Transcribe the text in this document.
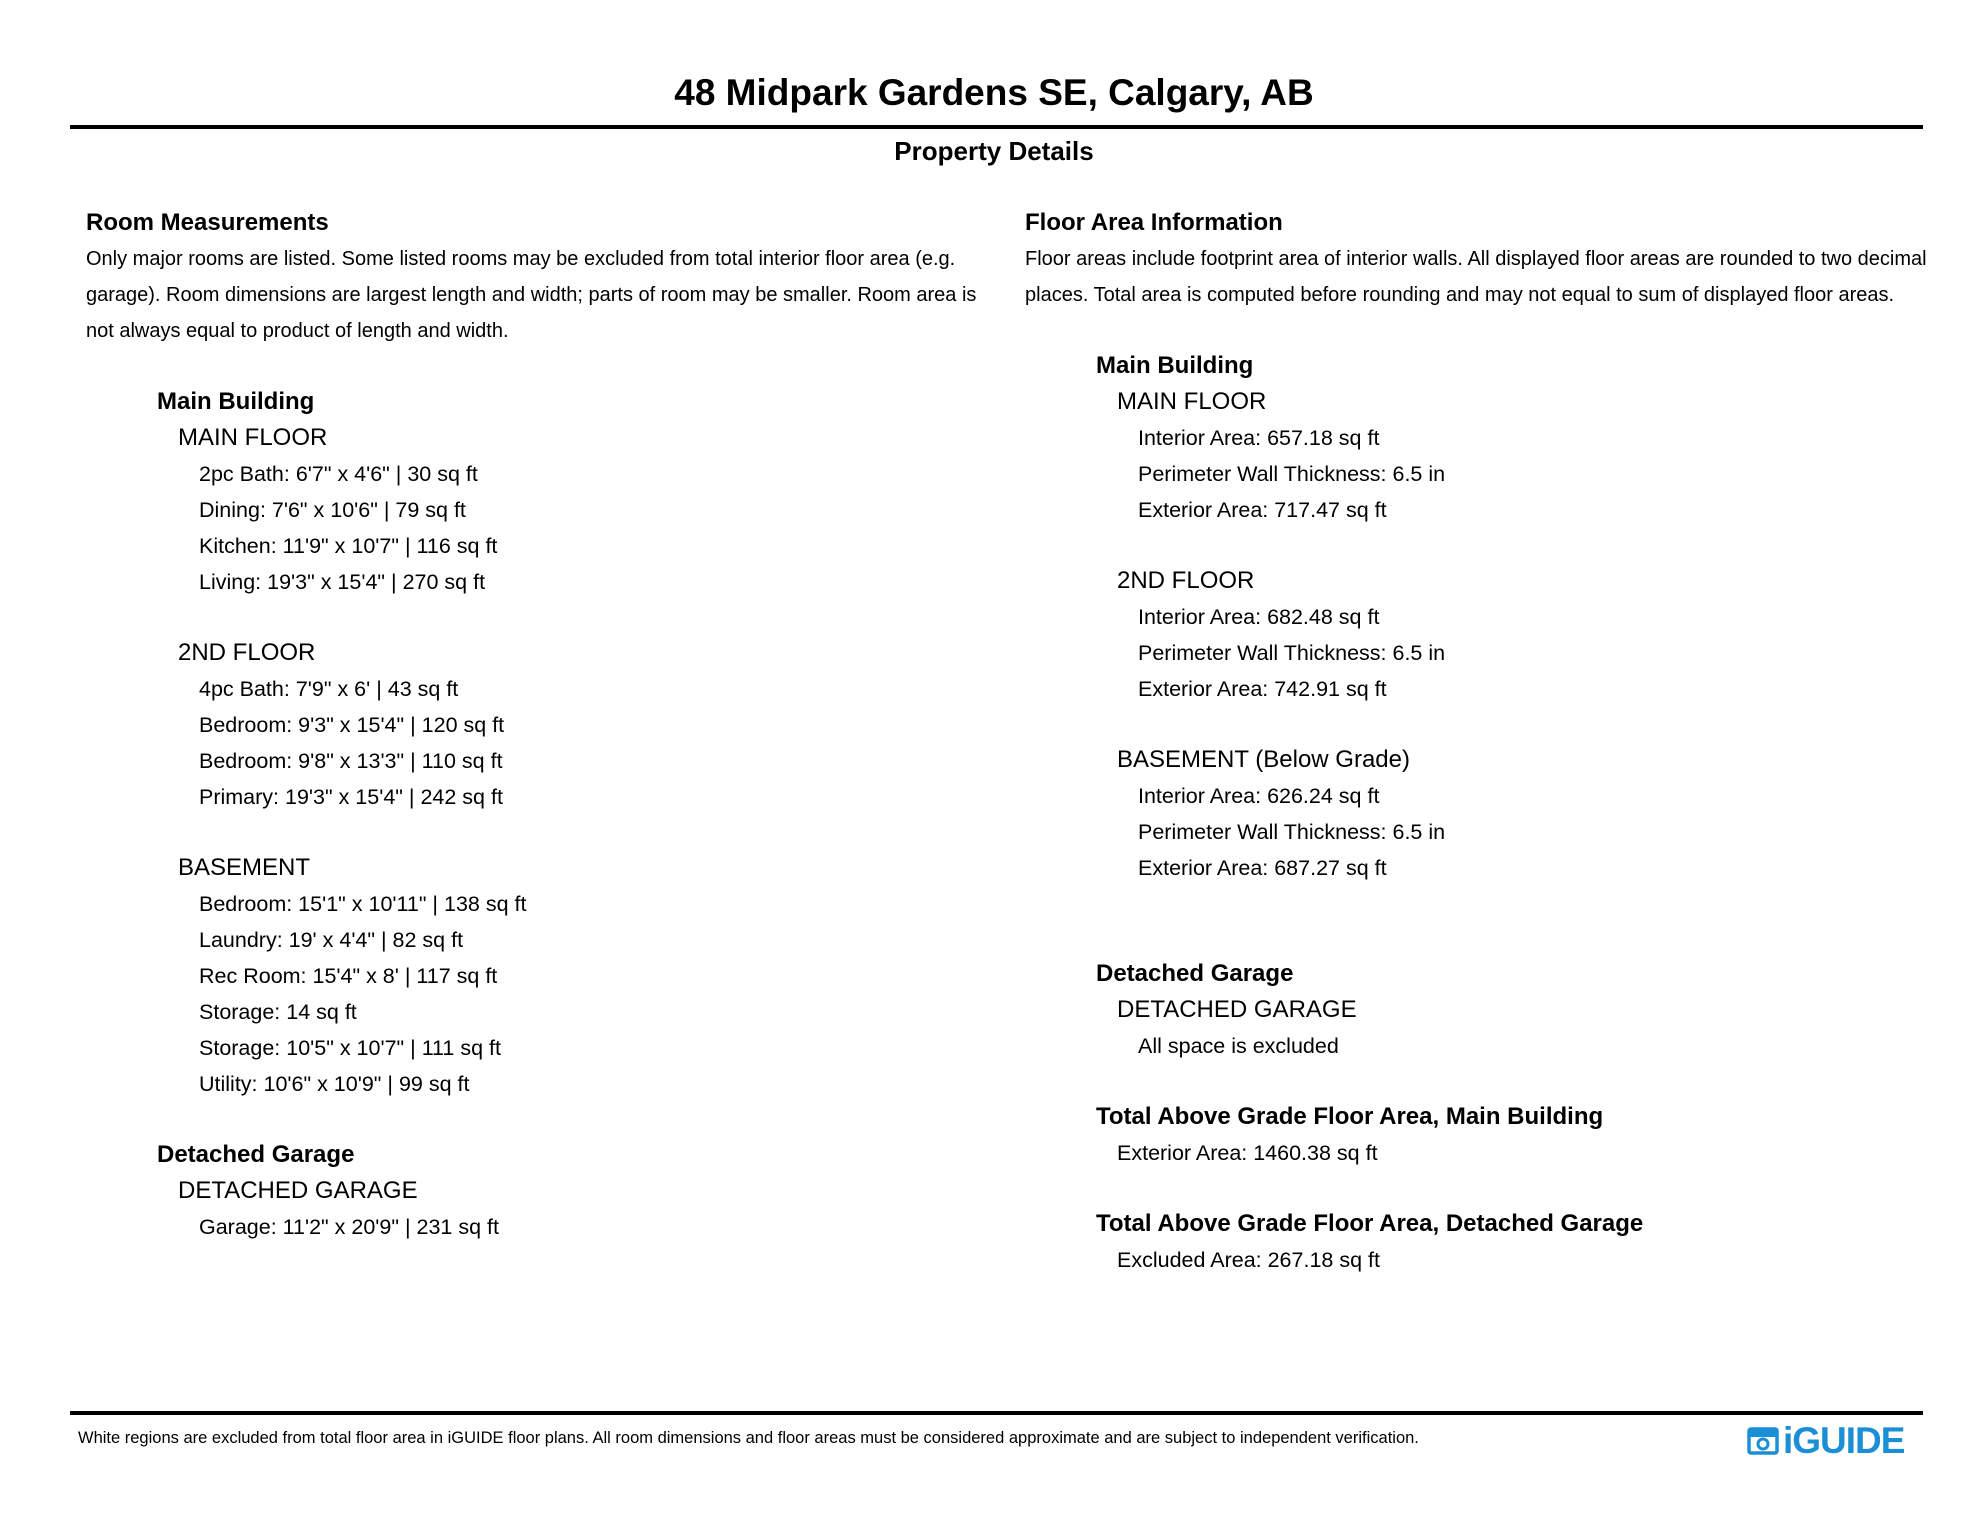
48 Midpark Gardens SE, Calgary, AB
Property Details
Room Measurements
Only major rooms are listed. Some listed rooms may be excluded from total interior floor area (e.g. garage). Room dimensions are largest length and width; parts of room may be smaller. Room area is not always equal to product of length and width.
Main Building
MAIN FLOOR
2pc Bath: 6'7" x 4'6" | 30 sq ft
Dining: 7'6" x 10'6" | 79 sq ft
Kitchen: 11'9" x 10'7" | 116 sq ft
Living: 19'3" x 15'4" | 270 sq ft
2ND FLOOR
4pc Bath: 7'9" x 6' | 43 sq ft
Bedroom: 9'3" x 15'4" | 120 sq ft
Bedroom: 9'8" x 13'3" | 110 sq ft
Primary: 19'3" x 15'4" | 242 sq ft
BASEMENT
Bedroom: 15'1" x 10'11" | 138 sq ft
Laundry: 19' x 4'4" | 82 sq ft
Rec Room: 15'4" x 8' | 117 sq ft
Storage: 14 sq ft
Storage: 10'5" x 10'7" | 111 sq ft
Utility: 10'6" x 10'9" | 99 sq ft
Detached Garage
DETACHED GARAGE
Garage: 11'2" x 20'9" | 231 sq ft
Floor Area Information
Floor areas include footprint area of interior walls. All displayed floor areas are rounded to two decimal places. Total area is computed before rounding and may not equal to sum of displayed floor areas.
Main Building
MAIN FLOOR
Interior Area: 657.18 sq ft
Perimeter Wall Thickness: 6.5 in
Exterior Area: 717.47 sq ft
2ND FLOOR
Interior Area: 682.48 sq ft
Perimeter Wall Thickness: 6.5 in
Exterior Area: 742.91 sq ft
BASEMENT (Below Grade)
Interior Area: 626.24 sq ft
Perimeter Wall Thickness: 6.5 in
Exterior Area: 687.27 sq ft
Detached Garage
DETACHED GARAGE
All space is excluded
Total Above Grade Floor Area, Main Building
Exterior Area: 1460.38 sq ft
Total Above Grade Floor Area, Detached Garage
Excluded Area: 267.18 sq ft
White regions are excluded from total floor area in iGUIDE floor plans. All room dimensions and floor areas must be considered approximate and are subject to independent verification.	iGUIDE
